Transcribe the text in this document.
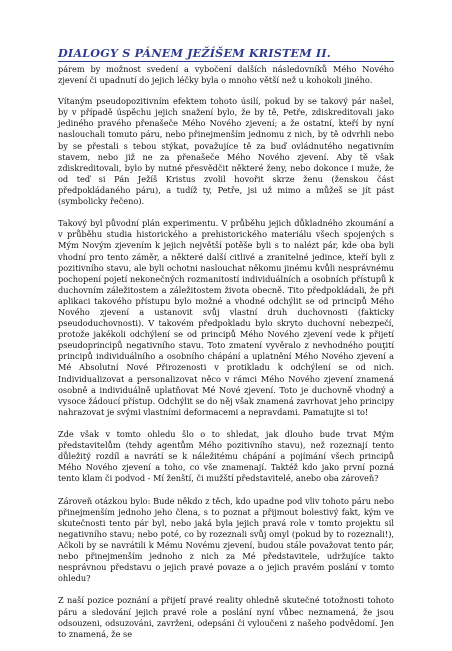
DIALOGY S PÁNEM JEŽÍŠEM KRISTEM II.

párem by možnost svedení a vybočení dalších následovníků Mého Nového zjevení či upadnutí do jejich léčky byla o mnoho větší než u kohokoli jiného.

Vítaným pseudopozitivním efektem tohoto úsilí, pokud by se takový pár našel, by v případě úspěchu jejich snažení bylo, že by tě, Petře, zdiskreditovali jako jediného pravého přenašeče Mého Nového zjevení; a že ostatní, kteří by nyní naslouchali tomuto páru, nebo přinejmenším jednomu z nich, by tě odvrhli nebo by se přestali s tebou stýkat, považujíce tě za buď ovládnutého negativním stavem, nebo již ne za přenašeče Mého Nového zjevení. Aby tě však zdiskreditovali, bylo by nutné přesvědčit některé ženy, nebo dokonce i muže, že od teď si Pán Ježíš Kristus zvolil hovořit skrze ženu (ženskou část předpokládaného páru), a tudíž ty, Petře, jsi už mimo a můžeš se jít pást (symbolicky řečeno).

Takový byl původní plán experimentu. V průběhu jejich důkladného zkoumání a v průběhu studia historického a prehistorického materiálu všech spojených s Mým Novým zjevením k jejich největší potěše byli s to nalézt pár, kde oba byli vhodní pro tento záměr, a některé další citlivé a zranitelné jedince, kteří byli z pozitivního stavu, ale byli ochotni naslouchat někomu jinému kvůli nesprávnému pochopení pojetí nekonečných rozmanitostí individuálních a osobních přístupů k duchovním záležitostem a záležitostem života obecně. Tito předpokládali, že při aplikaci takového přístupu bylo možné a vhodné odchýlit se od principů Mého Nového zjevení a ustanovit svůj vlastní druh duchovnosti (fakticky pseudoduchovnosti). V takovém předpokladu bylo skryto duchovní nebezpečí, protože jakékoli odchýlení se od principů Mého Nového zjevení vede k přijetí pseudoprincipů negativního stavu. Toto zmatení vyvěralo z nevhodného pouţití principů individuálního a osobního chápání a uplatnění Mého Nového zjevení a Mé Absolutní Nové Přirozenosti v protikladu k odchýlení se od nich. Individualizovat a personalizovat něco v rámci Mého Nového zjevení znamená osobně a individuálně uplatňovat Mé Nové zjevení. Toto je duchovně vhodný a vysoce žádoucí přístup. Odchýlit se do něj však znamená zavrhovat jeho principy nahrazovat je svými vlastními deformacemi a nepravdami. Pamatujte si to!

Zde však v tomto ohledu šlo o to shledat, jak dlouho bude trvat Mým představitelům (tehdy agentům Mého pozitivního stavu), než rozeznají tento důležitý rozdíl a navrátí se k náležitému chápání a pojímání všech principů Mého Nového zjevení a toho, co vše znamenají. Taktéž kdo jako první pozná tento klam či podvod - Mí ženští, či mužští představitelé, anebo oba zároveň?

Zároveň otázkou bylo: Bude někdo z těch, kdo upadne pod vliv tohoto páru nebo přinejmenším jednoho jeho člena, s to poznat a přijmout bolestivý fakt, kým ve skutečnosti tento pár byl, nebo jaká byla jejich pravá role v tomto projektu sil negativního stavu; nebo poté, co by rozeznali svůj omyl (pokud by to rozeznali!), Ačkoli by se navrátili k Mému Novému zjevení, budou stále považovat tento pár, nebo přinejmenším jednoho z nich za Mé představitele, udržujíce takto nesprávnou představu o jejich pravé povaze a o jejich pravém poslání v tomto ohledu?

Z naší pozice poznání a přijetí pravé reality ohledně skutečné totožnosti tohoto páru a sledování jejich pravé role a poslání nyní vůbec neznamená, že jsou odsouzeni, odsuzováni, zavrženi, odepsáni či vyloučeni z našeho podvědomí. Jen to znamená, že se
